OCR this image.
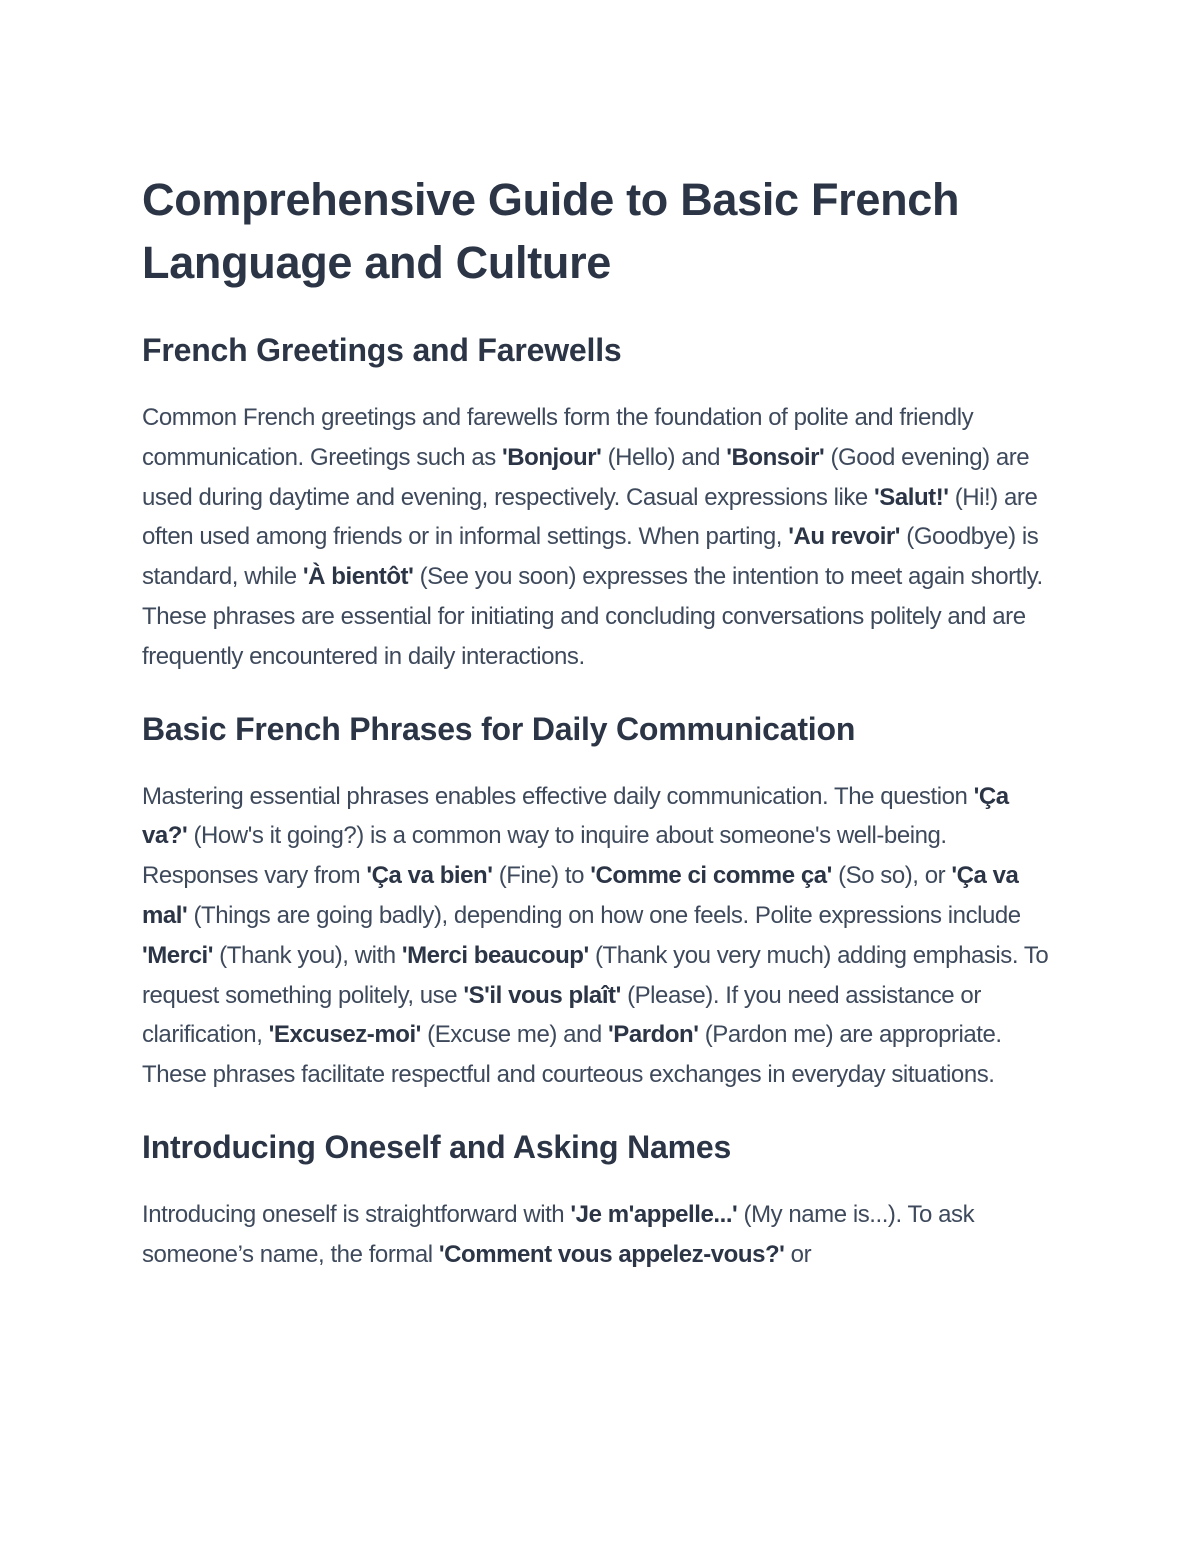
Comprehensive Guide to Basic French Language and Culture
French Greetings and Farewells

Common French greetings and farewells form the foundation of polite and friendly communication. Greetings such as 'Bonjour' (Hello) and 'Bonsoir' (Good evening) are used during daytime and evening, respectively. Casual expressions like 'Salut!' (Hi!) are often used among friends or in informal settings. When parting, 'Au revoir' (Goodbye) is standard, while 'À bientôt' (See you soon) expresses the intention to meet again shortly. These phrases are essential for initiating and concluding conversations politely and are frequently encountered in daily interactions.

Basic French Phrases for Daily Communication

Mastering essential phrases enables effective daily communication. The question 'Ça va?' (How's it going?) is a common way to inquire about someone's well-being. Responses vary from 'Ça va bien' (Fine) to 'Comme ci comme ça' (So so), or 'Ça va mal' (Things are going badly), depending on how one feels. Polite expressions include 'Merci' (Thank you), with 'Merci beaucoup' (Thank you very much) adding emphasis. To request something politely, use 'S'il vous plaît' (Please). If you need assistance or clarification, 'Excusez-moi' (Excuse me) and 'Pardon' (Pardon me) are appropriate. These phrases facilitate respectful and courteous exchanges in everyday situations.

Introducing Oneself and Asking Names

Introducing oneself is straightforward with 'Je m'appelle...' (My name is...). To ask someone’s name, the formal 'Comment vous appelez-vous?' or
